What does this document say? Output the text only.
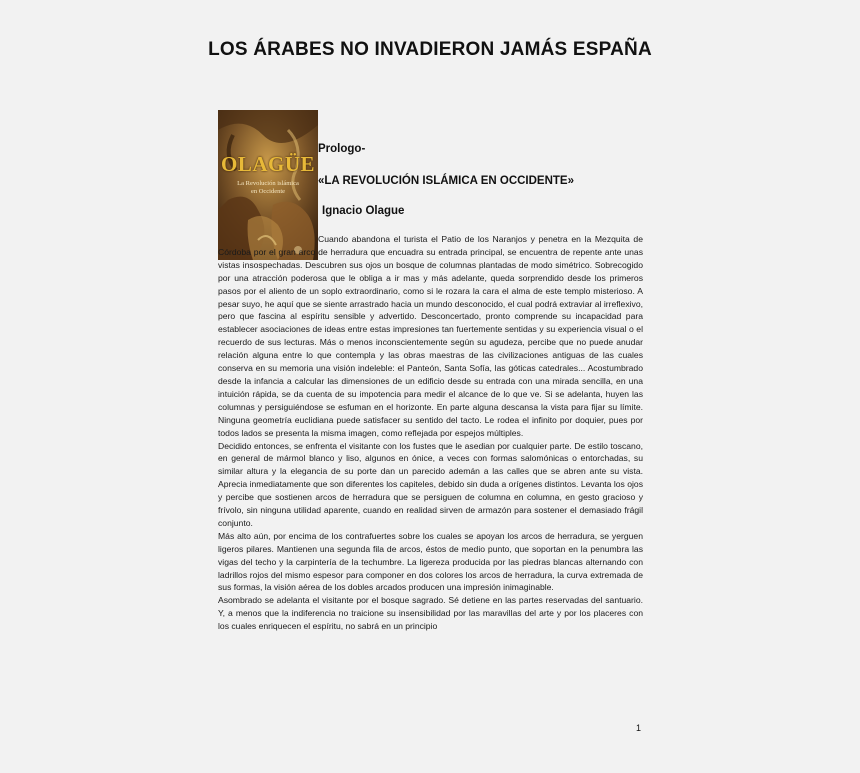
LOS ÁRABES NO INVADIERON JAMÁS ESPAÑA
OLAGÜE
La Revolución islámica
en Occidente
Prologo-
«LA REVOLUCIÓN ISLÁMICA EN OCCIDENTE»
Ignacio Olague

Cuando abandona el turista el Patio de los Naranjos y penetra en la Mezquita de Córdoba por el gran arco de herradura que encuadra su entrada principal, se encuentra de repente ante unas vistas insospechadas. Descubren sus ojos un bosque de columnas plantadas de modo simétrico. Sobrecogido por una atracción poderosa que le obliga a ir mas y más adelante, queda sorprendido desde los primeros pasos por el aliento de un soplo extraordinario, como si le rozara la cara el alma de este templo misterioso. A pesar suyo, he aquí que se siente arrastrado hacia un mundo desconocido, el cual podrá extraviar al irreflexivo, pero que fascina al espíritu sensible y advertido. Desconcertado, pronto comprende su incapacidad para establecer asociaciones de ideas entre estas impresiones tan fuertemente sentidas y su experiencia visual o el recuerdo de sus lecturas. Más o menos inconscientemente según su agudeza, percibe que no puede anudar relación alguna entre lo que contempla y las obras maestras de las civilizaciones antiguas de las cuales conserva en su memoria una visión indeleble: el Panteón, Santa Sofía, las góticas catedrales... Acostumbrado desde la infancia a calcular las dimensiones de un edificio desde su entrada con una mirada sencilla, en una intuición rápida, se da cuenta de su impotencia para medir el alcance de lo que ve. Si se adelanta, huyen las columnas y persiguiéndose se esfuman en el horizonte. En parte alguna descansa la vista para fijar su límite. Ninguna geometría euclidiana puede satisfacer su sentido del tacto. Le rodea el infinito por doquier, pues por todos lados se presenta la misma imagen, como reflejada por espejos múltiples.

Decidido entonces, se enfrenta el visitante con los fustes que le asedian por cualquier parte. De estilo toscano, en general de mármol blanco y liso, algunos en ónice, a veces con formas salomónicas o entorchadas, su similar altura y la elegancia de su porte dan un parecido ademán a las calles que se abren ante su vista. Aprecia inmediatamente que son diferentes los capiteles, debido sin duda a orígenes distintos. Levanta los ojos y percibe que sostienen arcos de herradura que se persiguen de columna en columna, en gesto gracioso y frívolo, sin ninguna utilidad aparente, cuando en realidad sirven de armazón para sostener el demasiado frágil conjunto.

Más alto aún, por encima de los contrafuertes sobre los cuales se apoyan los arcos de herradura, se yerguen ligeros pilares. Mantienen una segunda fila de arcos, éstos de medio punto, que soportan en la penumbra las vigas del techo y la carpintería de la techumbre. La ligereza producida por las piedras blancas alternando con ladrillos rojos del mismo espesor para componer en dos colores los arcos de herradura, la curva extremada de sus formas, la visión aérea de los dobles arcados producen una impresión inimaginable.

Asombrado se adelanta el visitante por el bosque sagrado. Sé detiene en las partes reservadas del santuario. Y, a menos que la indiferencia no traicione su insensibilidad por las maravillas del arte y por los placeres con los cuales enriquecen el espíritu, no sabrá en un principio

1
